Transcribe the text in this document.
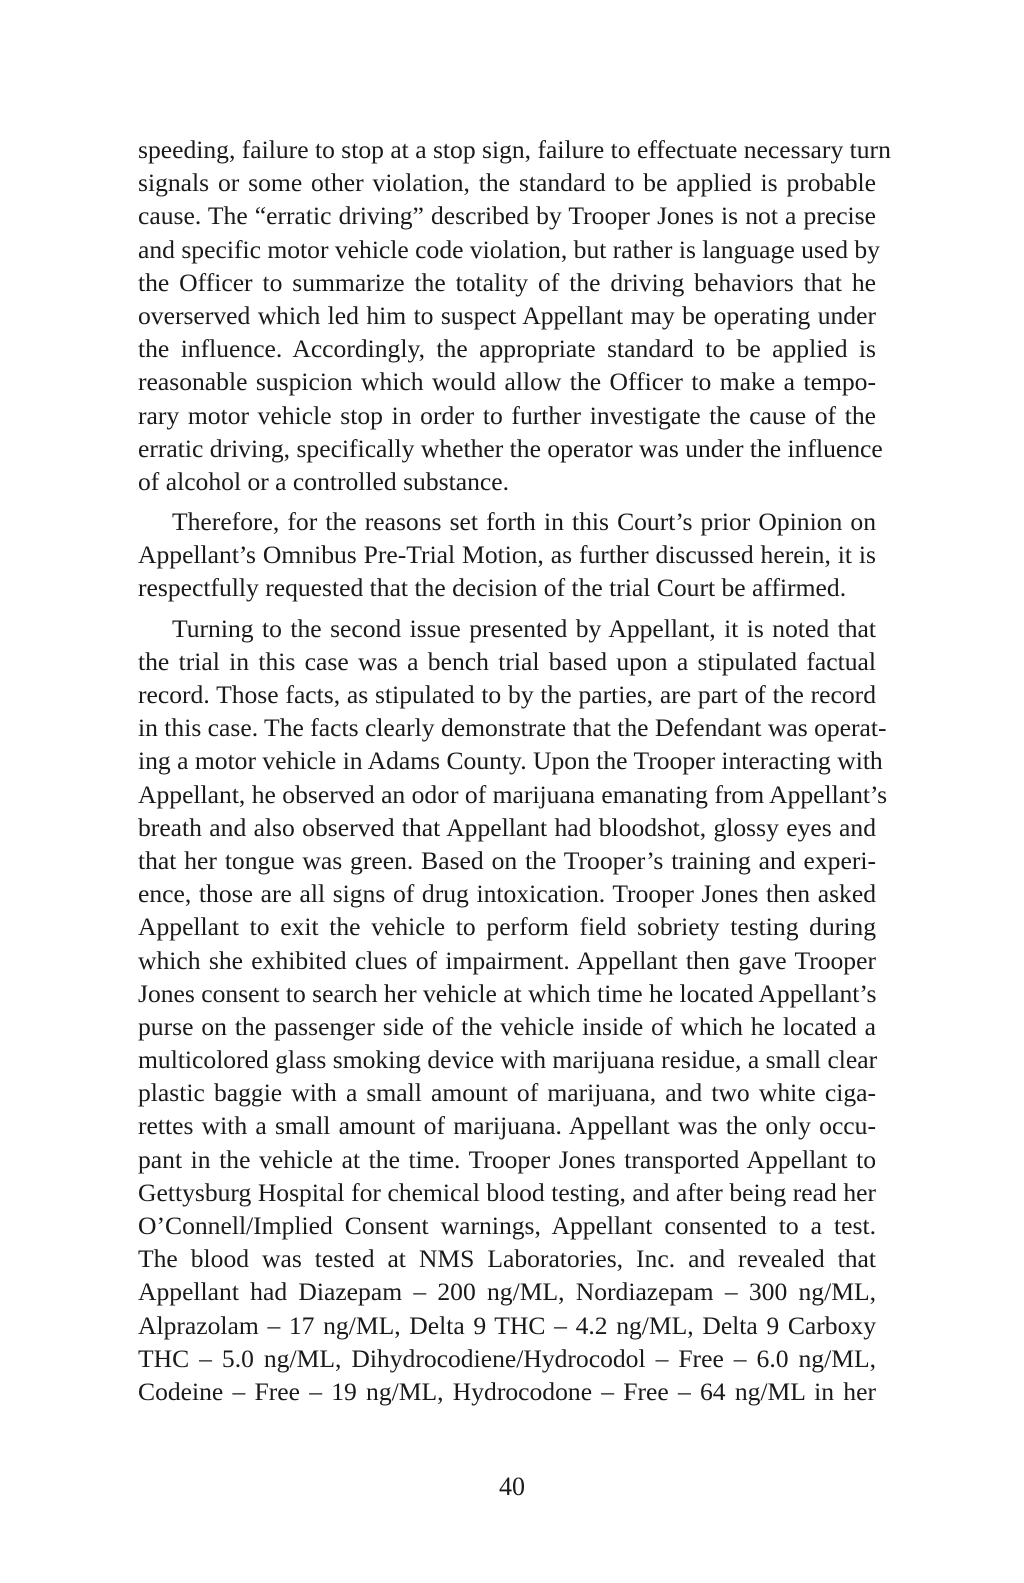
speeding, failure to stop at a stop sign, failure to effectuate necessary turn
signals or some other violation, the standard to be applied is probable
cause. The “erratic driving” described by Trooper Jones is not a precise
and specific motor vehicle code violation, but rather is language used by
the Officer to summarize the totality of the driving behaviors that he
overserved which led him to suspect Appellant may be operating under
the influence. Accordingly, the appropriate standard to be applied is
reasonable suspicion which would allow the Officer to make a tempo-
rary motor vehicle stop in order to further investigate the cause of the
erratic driving, specifically whether the operator was under the influence
of alcohol or a controlled substance.
Therefore, for the reasons set forth in this Court’s prior Opinion on
Appellant’s Omnibus Pre-Trial Motion, as further discussed herein, it is
respectfully requested that the decision of the trial Court be affirmed.
Turning to the second issue presented by Appellant, it is noted that
the trial in this case was a bench trial based upon a stipulated factual
record. Those facts, as stipulated to by the parties, are part of the record
in this case. The facts clearly demonstrate that the Defendant was operat-
ing a motor vehicle in Adams County. Upon the Trooper interacting with
Appellant, he observed an odor of marijuana emanating from Appellant’s
breath and also observed that Appellant had bloodshot, glossy eyes and
that her tongue was green. Based on the Trooper’s training and experi-
ence, those are all signs of drug intoxication. Trooper Jones then asked
Appellant to exit the vehicle to perform field sobriety testing during
which she exhibited clues of impairment. Appellant then gave Trooper
Jones consent to search her vehicle at which time he located Appellant’s
purse on the passenger side of the vehicle inside of which he located a
multicolored glass smoking device with marijuana residue, a small clear
plastic baggie with a small amount of marijuana, and two white ciga-
rettes with a small amount of marijuana. Appellant was the only occu-
pant in the vehicle at the time. Trooper Jones transported Appellant to
Gettysburg Hospital for chemical blood testing, and after being read her
O’Connell/Implied Consent warnings, Appellant consented to a test.
The blood was tested at NMS Laboratories, Inc. and revealed that
Appellant had Diazepam – 200 ng/ML, Nordiazepam – 300 ng/ML,
Alprazolam – 17 ng/ML, Delta 9 THC – 4.2 ng/ML, Delta 9 Carboxy
THC – 5.0 ng/ML, Dihydrocodiene/Hydrocodol – Free – 6.0 ng/ML,
Codeine – Free – 19 ng/ML, Hydrocodone – Free – 64 ng/ML in her
40
